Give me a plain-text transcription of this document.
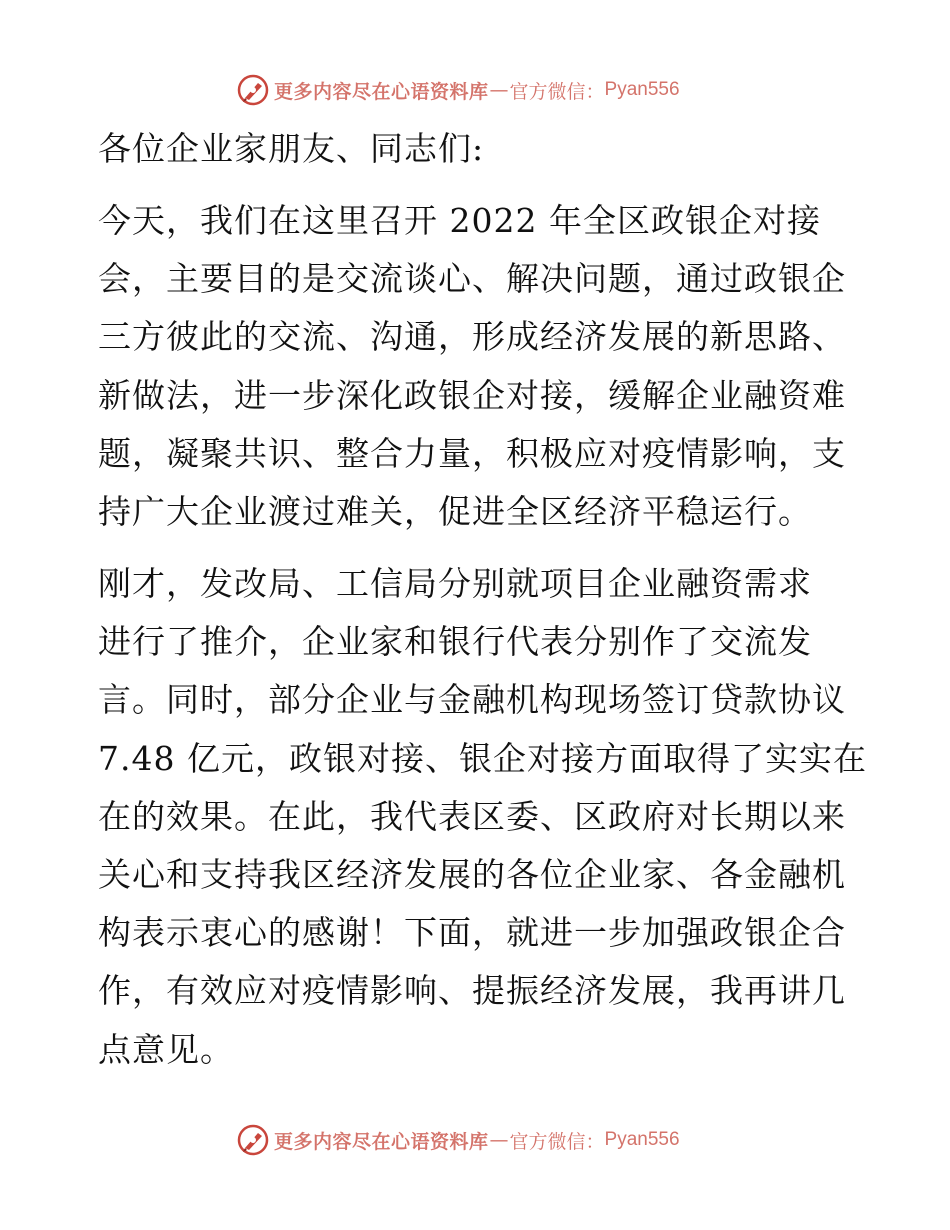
更多内容尽在心语资料库 — 官方微信： Pyan556

各位企业家朋友、同志们:

今天，我们在这里召开 2022 年全区政银企对接
会，主要目的是交流谈心、解决问题，通过政银企
三方彼此的交流、沟通，形成经济发展的新思路、
新做法，进一步深化政银企对接，缓解企业融资难
题，凝聚共识、整合力量，积极应对疫情影响，支
持广大企业渡过难关，促进全区经济平稳运行。

刚才，发改局、工信局分别就项目企业融资需求
进行了推介，企业家和银行代表分别作了交流发
言。同时，部分企业与金融机构现场签订贷款协议
7.48 亿元，政银对接、银企对接方面取得了实实在
在的效果。在此，我代表区委、区政府对长期以来
关心和支持我区经济发展的各位企业家、各金融机
构表示衷心的感谢！下面，就进一步加强政银企合
作，有效应对疫情影响、提振经济发展，我再讲几
点意见。

更多内容尽在心语资料库 — 官方微信： Pyan556
